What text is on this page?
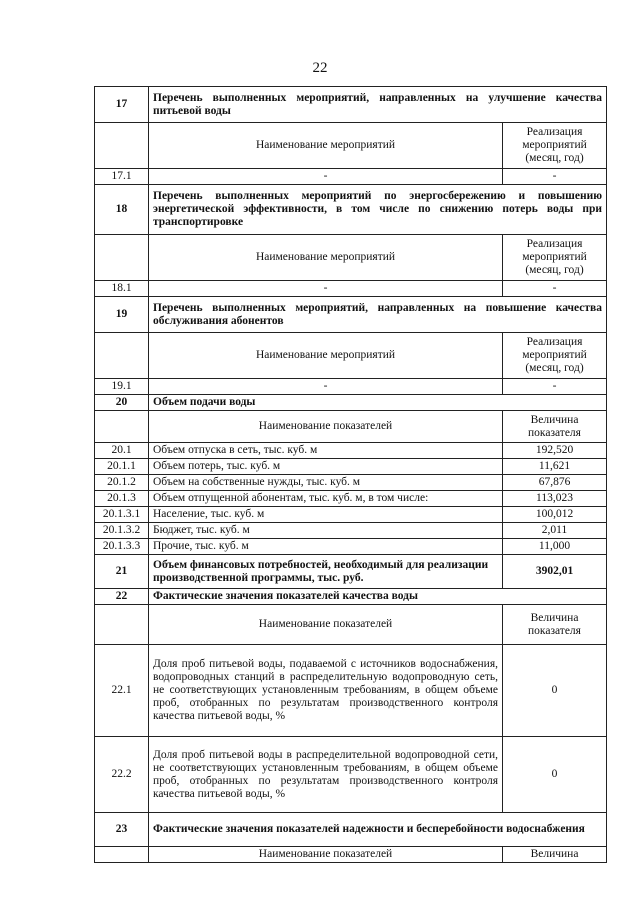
22
17	Перечень выполненных мероприятий, направленных на улучшение качества питьевой воды	
	Наименование мероприятий	Реализация мероприятий (месяц, год)
17.1	-	-
18	Перечень выполненных мероприятий по энергосбережению и повышению энергетической эффективности, в том числе по снижению потерь воды при транспортировке	
	Наименование мероприятий	Реализация мероприятий (месяц, год)
18.1	-	-
19	Перечень выполненных мероприятий, направленных на повышение качества обслуживания абонентов	
	Наименование мероприятий	Реализация мероприятий (месяц, год)
19.1	-	-
20	Объем подачи воды	
	Наименование показателей	Величина показателя
20.1	Объем отпуска в сеть, тыс. куб. м	192,520
20.1.1	Объем потерь, тыс. куб. м	11,621
20.1.2	Объем на собственные нужды, тыс. куб. м	67,876
20.1.3	Объем отпущенной абонентам, тыс. куб. м, в том числе:	113,023
20.1.3.1	Население, тыс. куб. м	100,012
20.1.3.2	Бюджет, тыс. куб. м	2,011
20.1.3.3	Прочие, тыс. куб. м	11,000
21	Объем финансовых потребностей, необходимый для реализации производственной программы, тыс. руб.	3902,01
22	Фактические значения показателей качества воды	
	Наименование показателей	Величина показателя
22.1	Доля проб питьевой воды, подаваемой с источников водоснабжения, водопроводных станций в распределительную водопроводную сеть, не соответствующих установленным требованиям, в общем объеме проб, отобранных по результатам производственного контроля качества питьевой воды, %	0
22.2	Доля проб питьевой воды в распределительной водопроводной сети, не соответствующих установленным требованиям, в общем объеме проб, отобранных по результатам производственного контроля качества питьевой воды, %	0
23	Фактические значения показателей надежности и бесперебойности водоснабжения	
	Наименование показателей	Величина
